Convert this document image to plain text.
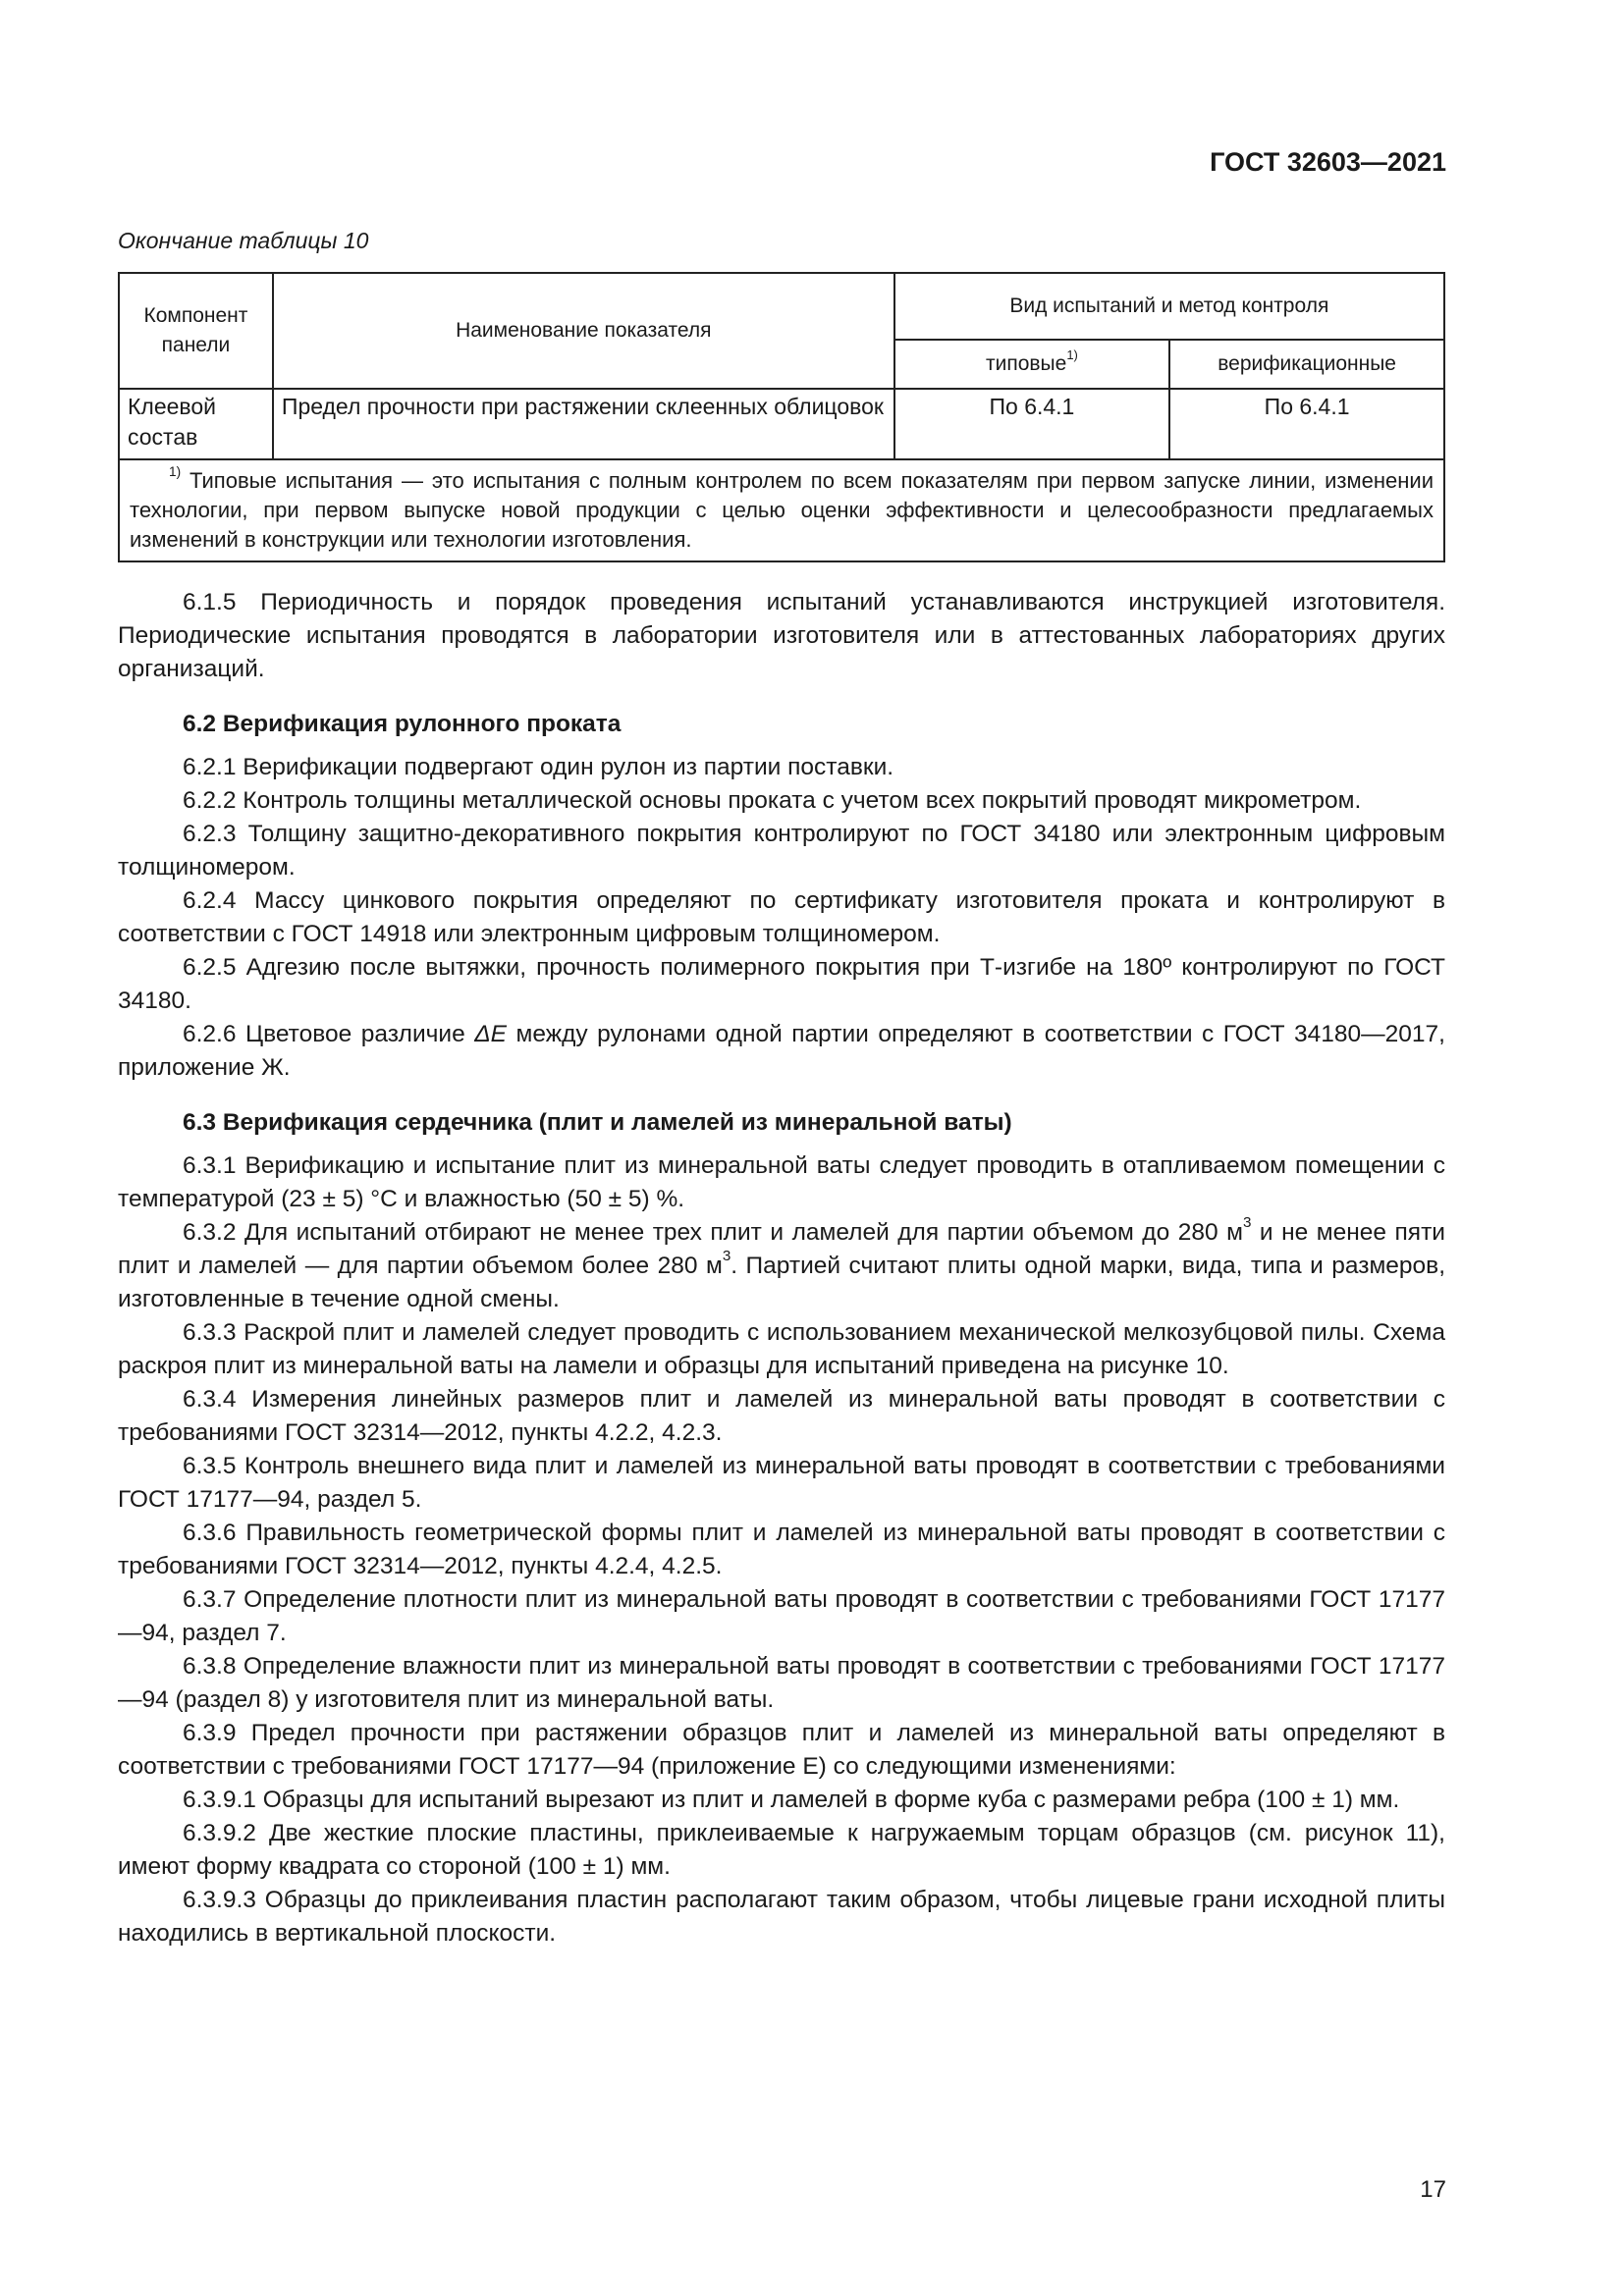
ГОСТ 32603—2021
Окончание таблицы 10
Компонент панели	Наименование показателя	Вид испытаний и метод контроля	
		типовые$^{1)}$	верификационные
Клеевой состав	Предел прочности при растяжении склеенных облицовок	По 6.4.1	По 6.4.1
$^{1)}$ Типовые испытания — это испытания с полным контролем по всем показателям при первом запуске линии, изменении технологии, при первом выпуске новой продукции с целью оценки эффективности и целесообразности предлагаемых изменений в конструкции или технологии изготовления.			

6.1.5 Периодичность и порядок проведения испытаний устанавливаются инструкцией изготовителя. Периодические испытания проводятся в лаборатории изготовителя или в аттестованных лабораториях других организаций.

6.2 Верификация рулонного проката

6.2.1 Верификации подвергают один рулон из партии поставки.

6.2.2 Контроль толщины металлической основы проката с учетом всех покрытий проводят микрометром.

6.2.3 Толщину защитно-декоративного покрытия контролируют по ГОСТ 34180 или электронным цифровым толщиномером.

6.2.4 Массу цинкового покрытия определяют по сертификату изготовителя проката и контролируют в соответствии с ГОСТ 14918 или электронным цифровым толщиномером.

6.2.5 Адгезию после вытяжки, прочность полимерного покрытия при Т-изгибе на 180º контролируют по ГОСТ 34180.

6.2.6 Цветовое различие ΔE между рулонами одной партии определяют в соответствии с ГОСТ 34180—2017, приложение Ж.

6.3 Верификация сердечника (плит и ламелей из минеральной ваты)

6.3.1 Верификацию и испытание плит из минеральной ваты следует проводить в отапливаемом помещении с температурой (23 ± 5) °С и влажностью (50 ± 5) %.

6.3.2 Для испытаний отбирают не менее трех плит и ламелей для партии объемом до 280 $м^3$ и не менее пяти плит и ламелей — для партии объемом более 280 $м^3$. Партией считают плиты одной марки, вида, типа и размеров, изготовленные в течение одной смены.

6.3.3 Раскрой плит и ламелей следует проводить с использованием механической мелкозубцовой пилы. Схема раскроя плит из минеральной ваты на ламели и образцы для испытаний приведена на рисунке 10.

6.3.4 Измерения линейных размеров плит и ламелей из минеральной ваты проводят в соответствии с требованиями ГОСТ 32314—2012, пункты 4.2.2, 4.2.3.

6.3.5 Контроль внешнего вида плит и ламелей из минеральной ваты проводят в соответствии с требованиями ГОСТ 17177—94, раздел 5.

6.3.6 Правильность геометрической формы плит и ламелей из минеральной ваты проводят в соответствии с требованиями ГОСТ 32314—2012, пункты 4.2.4, 4.2.5.

6.3.7 Определение плотности плит из минеральной ваты проводят в соответствии с требованиями ГОСТ 17177—94, раздел 7.

6.3.8 Определение влажности плит из минеральной ваты проводят в соответствии с требованиями ГОСТ 17177—94 (раздел 8) у изготовителя плит из минеральной ваты.

6.3.9 Предел прочности при растяжении образцов плит и ламелей из минеральной ваты определяют в соответствии с требованиями ГОСТ 17177—94 (приложение Е) со следующими изменениями:

6.3.9.1 Образцы для испытаний вырезают из плит и ламелей в форме куба с размерами ребра (100 ± 1) мм.

6.3.9.2 Две жесткие плоские пластины, приклеиваемые к нагружаемым торцам образцов (см. рисунок 11), имеют форму квадрата со стороной (100 ± 1) мм.

6.3.9.3 Образцы до приклеивания пластин располагают таким образом, чтобы лицевые грани исходной плиты находились в вертикальной плоскости.

17
